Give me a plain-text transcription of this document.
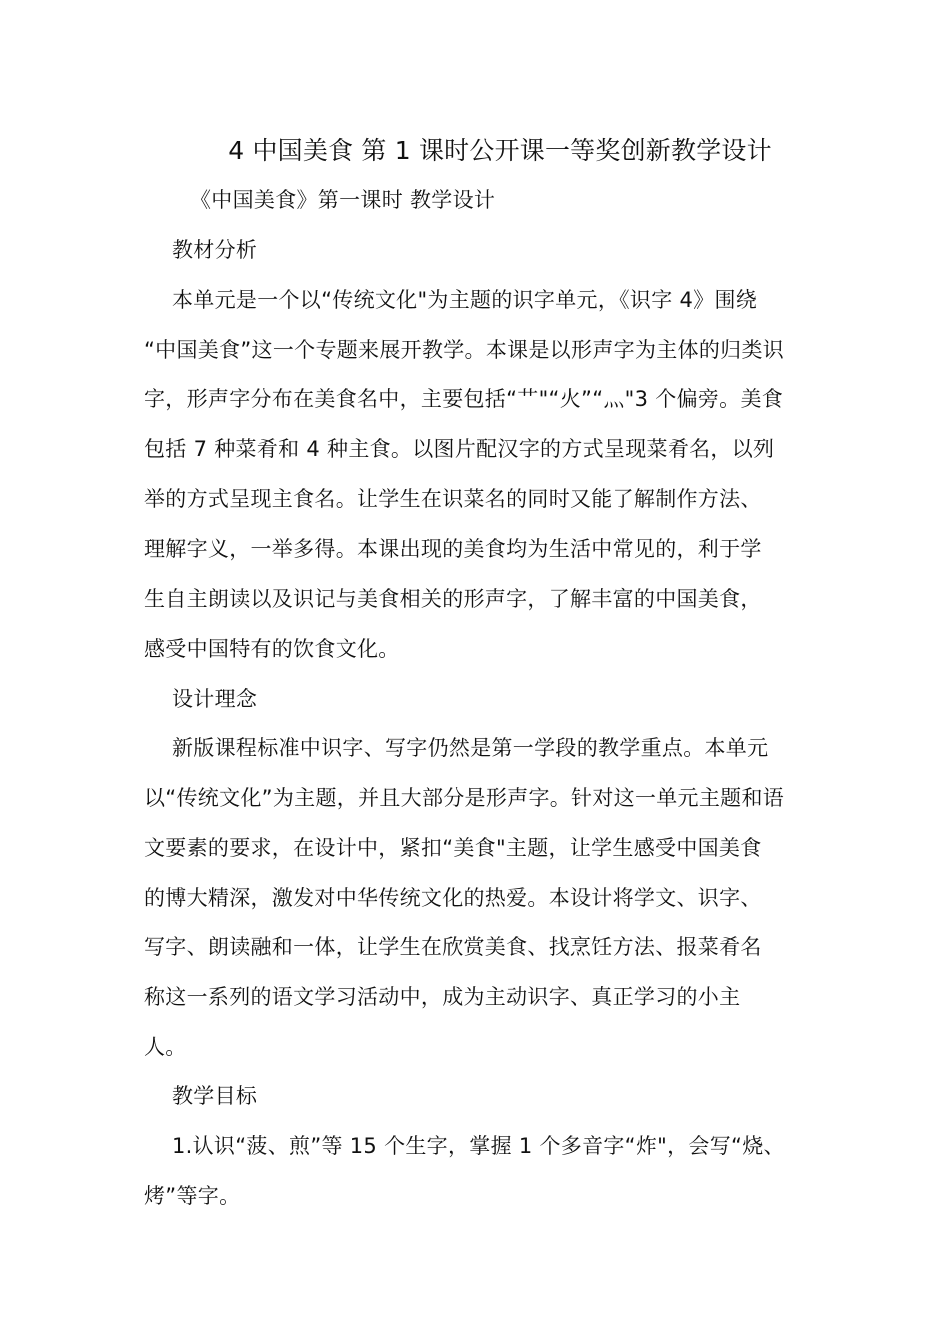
4 中国美食 第 1 课时公开课一等奖创新教学设计
《中国美食》第一课时 教学设计
教材分析
本单元是一个以“传统文化"为主题的识字单元，《识字 4》围绕
“中国美食”这一个专题来展开教学。本课是以形声字为主体的归类识
字，形声字分布在美食名中，主要包括“艹"“火”“灬"3 个偏旁。美食
包括 7 种菜肴和 4 种主食。以图片配汉字的方式呈现菜肴名，以列
举的方式呈现主食名。让学生在识菜名的同时又能了解制作方法、
理解字义，一举多得。本课出现的美食均为生活中常见的，利于学
生自主朗读以及识记与美食相关的形声字，了解丰富的中国美食，
感受中国特有的饮食文化。
设计理念
新版课程标准中识字、写字仍然是第一学段的教学重点。本单元
以“传统文化”为主题，并且大部分是形声字。针对这一单元主题和语
文要素的要求，在设计中，紧扣“美食"主题，让学生感受中国美食
的博大精深，激发对中华传统文化的热爱。本设计将学文、识字、
写字、朗读融和一体，让学生在欣赏美食、找烹饪方法、报菜肴名
称这一系列的语文学习活动中，成为主动识字、真正学习的小主
人。
教学目标
1.认识“菠、煎”等 15 个生字，掌握 1 个多音字“炸"，会写“烧、
烤”等字。
